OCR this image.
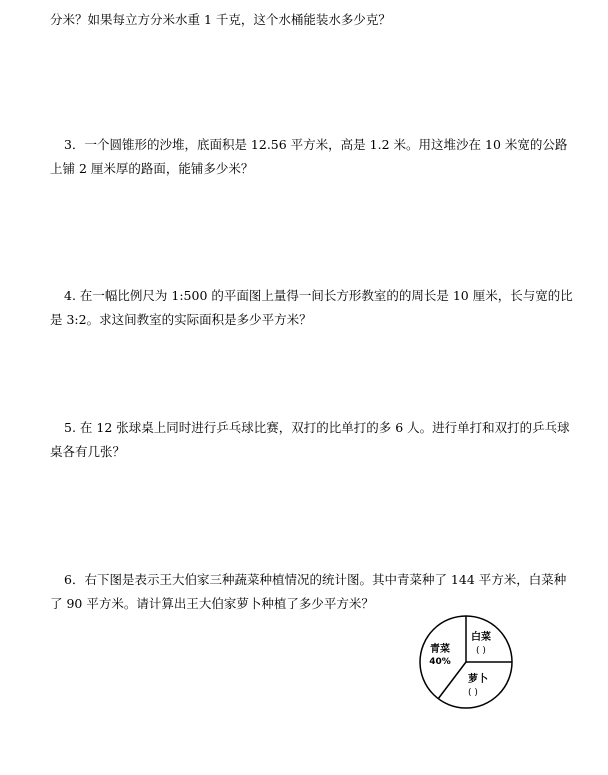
分米？如果每立方分米水重 1 千克，这个水桶能装水多少克？
3．一个圆锥形的沙堆，底面积是 12.56 平方米，高是 1.2 米。用这堆沙在 10 米宽的公路
上铺 2 厘米厚的路面，能铺多少米？
4. 在一幅比例尺为 1:500 的平面图上量得一间长方形教室的的周长是 10 厘米，长与宽的比
是 3:2。求这间教室的实际面积是多少平方米？
5. 在 12 张球桌上同时进行乒乓球比赛，双打的比单打的多 6 人。进行单打和双打的乒乓球
桌各有几张？
6．右下图是表示王大伯家三种蔬菜种植情况的统计图。其中青菜种了 144 平方米，白菜种
了 90 平方米。请计算出王大伯家萝卜种植了多少平方米？
青菜
40%
白菜
( )
萝卜
( )
